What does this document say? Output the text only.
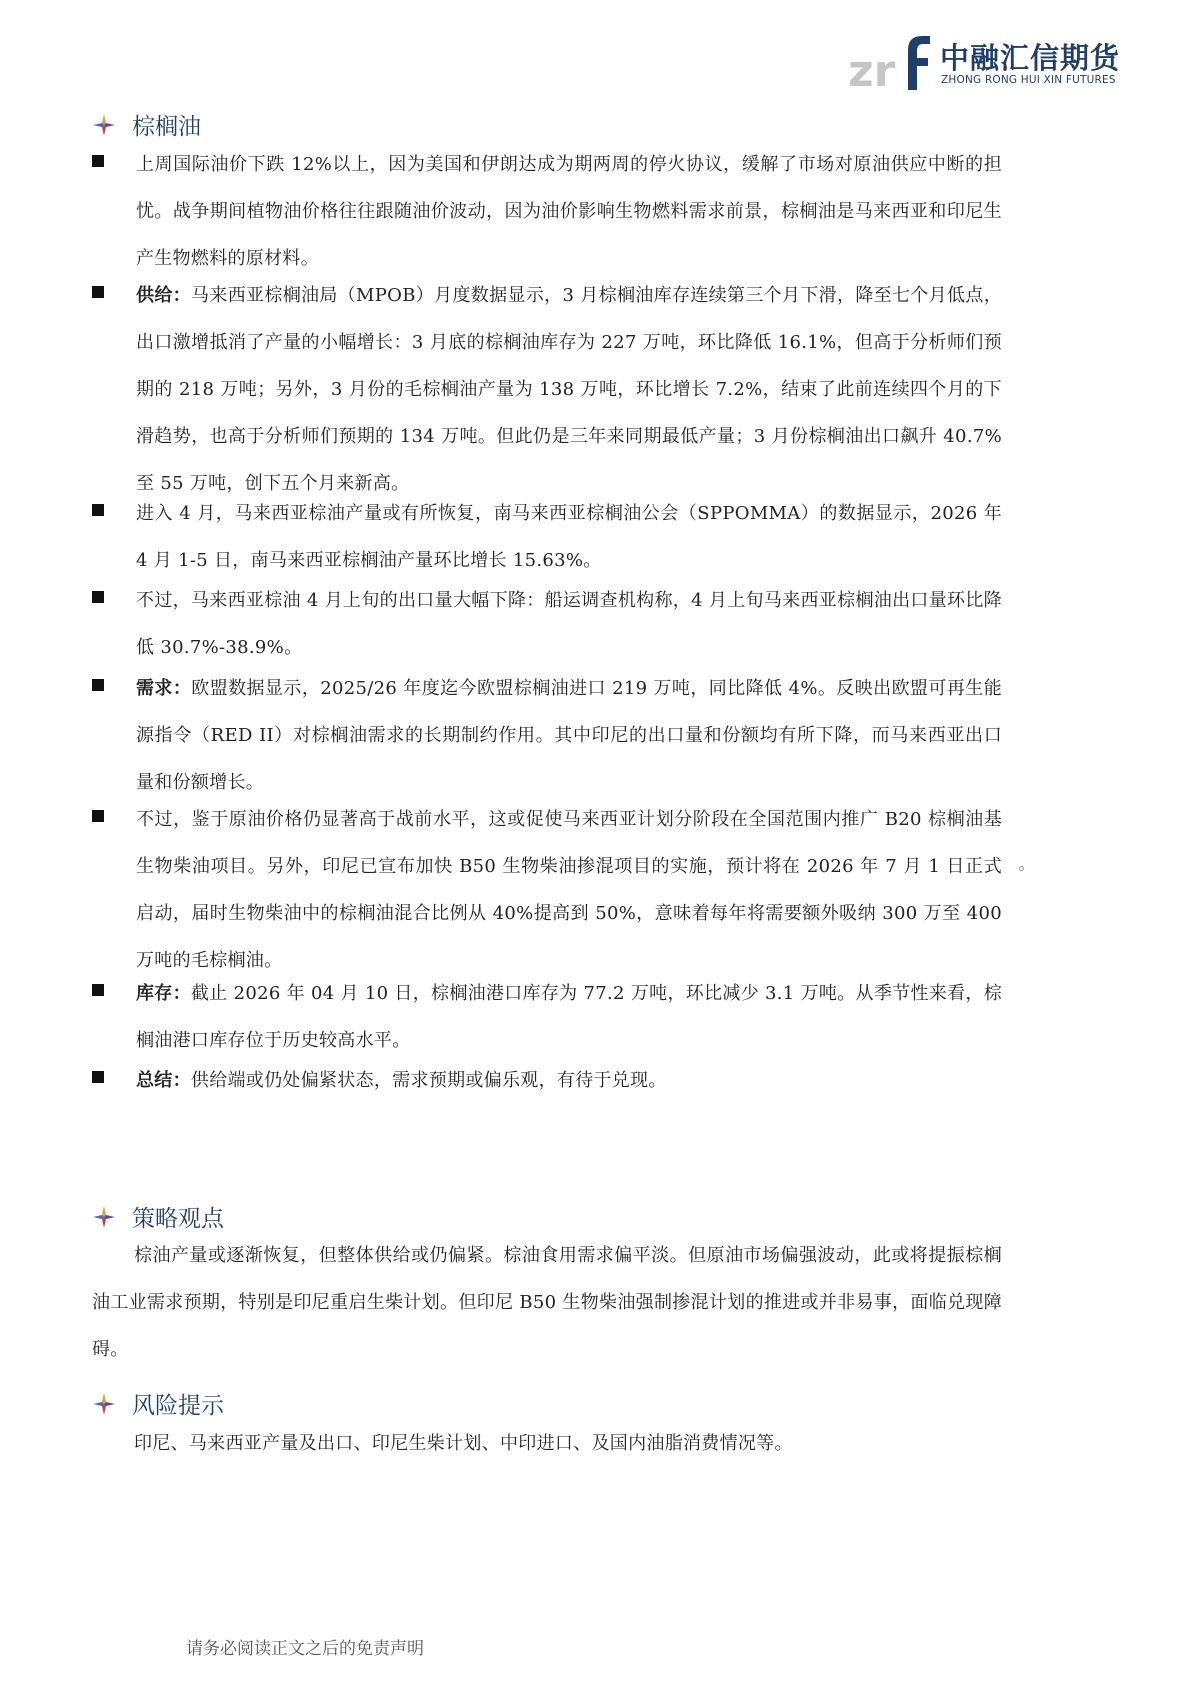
zr 中融汇信期货
ZHONG RONG HUI XIN FUTURES
棕榈油

上周国际油价下跌 12%以上，因为美国和伊朗达成为期两周的停火协议，缓解了市场对原油供应中断的担忧。战争期间植物油价格往往跟随油价波动，因为油价影响生物燃料需求前景，棕榈油是马来西亚和印尼生产生物燃料的原材料。

供给：马来西亚棕榈油局（MPOB）月度数据显示，3 月棕榈油库存连续第三个月下滑，降至七个月低点，出口激增抵消了产量的小幅增长：3 月底的棕榈油库存为 227 万吨，环比降低 16.1%，但高于分析师们预期的 218 万吨；另外，3 月份的毛棕榈油产量为 138 万吨，环比增长 7.2%，结束了此前连续四个月的下滑趋势，也高于分析师们预期的 134 万吨。但此仍是三年来同期最低产量；3 月份棕榈油出口飙升 40.7%至 55 万吨，创下五个月来新高。

进入 4 月，马来西亚棕油产量或有所恢复，南马来西亚棕榈油公会（SPPOMMA）的数据显示，2026 年 4 月 1-5 日，南马来西亚棕榈油产量环比增长 15.63%。

不过，马来西亚棕油 4 月上旬的出口量大幅下降：船运调查机构称，4 月上旬马来西亚棕榈油出口量环比降低 30.7%-38.9%。

需求：欧盟数据显示，2025/26 年度迄今欧盟棕榈油进口 219 万吨，同比降低 4%。反映出欧盟可再生能源指令（RED II）对棕榈油需求的长期制约作用。其中印尼的出口量和份额均有所下降，而马来西亚出口量和份额增长。

不过，鉴于原油价格仍显著高于战前水平，这或促使马来西亚计划分阶段在全国范围内推广 B20 棕榈油基生物柴油项目。另外，印尼已宣布加快 B50 生物柴油掺混项目的实施，预计将在 2026 年 7 月 1 日正式启动，届时生物柴油中的棕榈油混合比例从 40%提高到 50%，意味着每年将需要额外吸纳 300 万至 400 万吨的毛棕榈油。

库存：截止 2026 年 04 月 10 日，棕榈油港口库存为 77.2 万吨，环比减少 3.1 万吨。从季节性来看，棕榈油港口库存位于历史较高水平。

总结：供给端或仍处偏紧状态，需求预期或偏乐观，有待于兑现。

策略观点

棕油产量或逐渐恢复，但整体供给或仍偏紧。棕油食用需求偏平淡。但原油市场偏强波动，此或将提振棕榈油工业需求预期，特别是印尼重启生柴计划。但印尼 B50 生物柴油强制掺混计划的推进或并非易事，面临兑现障碍。

风险提示

印尼、马来西亚产量及出口、印尼生柴计划、中印进口、及国内油脂消费情况等。

请务必阅读正文之后的免责声明
